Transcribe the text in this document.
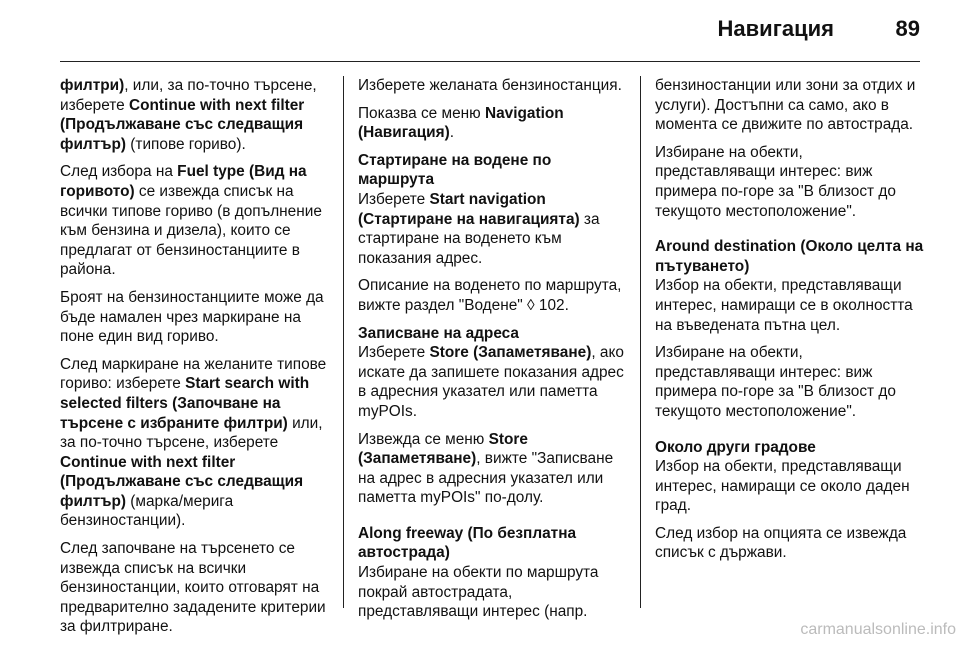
Навигация	89

филтри), или, за по-точно търсене, изберете Continue with next filter (Продължаване със следващия филтър) (типове гориво).

След избора на Fuel type (Вид на горивото) се извежда списък на всички типове гориво (в допълнение към бензина и дизела), които се предлагат от бензиностанциите в района.

Броят на бензиностанциите може да бъде намален чрез маркиране на поне един вид гориво.

След маркиране на желаните типове гориво: изберете Start search with selected filters (Започване на търсене с избраните филтри) или, за по-точно търсене, изберете Continue with next filter (Продължаване със следващия филтър) (марка/мерига бензиностанции).

След започване на търсенето се извежда списък на всички бензиностанции, които отговарят на предварително зададените критерии за филтриране.

Изберете желаната бензиностанция.

Показва се меню Navigation (Навигация).

Стартиране на водене по маршрута

Изберете Start navigation (Стартиране на навигацията) за стартиране на воденето към показания адрес.

Описание на воденето по маршрута, вижте раздел "Водене" ◊ 102.

Записване на адреса

Изберете Store (Запаметяване), ако искате да запишете показания адрес в адресния указател или паметта myPOIs.

Извежда се меню Store (Запаметяване), вижте "Записване на адрес в адресния указател или паметта myPOIs" по-долу.

Along freeway (По безплатна автострада)

Избиране на обекти по маршрута покрай автострадата, представляващи интерес (напр.

бензиностанции или зони за отдих и услуги). Достъпни са само, ако в момента се движите по автострада.

Избиране на обекти, представляващи интерес: виж примера по-горе за "В близост до текущото местоположение".

Around destination (Около целта на пътуването)

Избор на обекти, представляващи интерес, намиращи се в околността на въведената пътна цел.

Избиране на обекти, представляващи интерес: виж примера по-горе за "В близост до текущото местоположение".

Около други градове

Избор на обекти, представляващи интерес, намиращи се около даден град.

След избор на опцията се извежда списък с държави.

carmanualsonline.info
